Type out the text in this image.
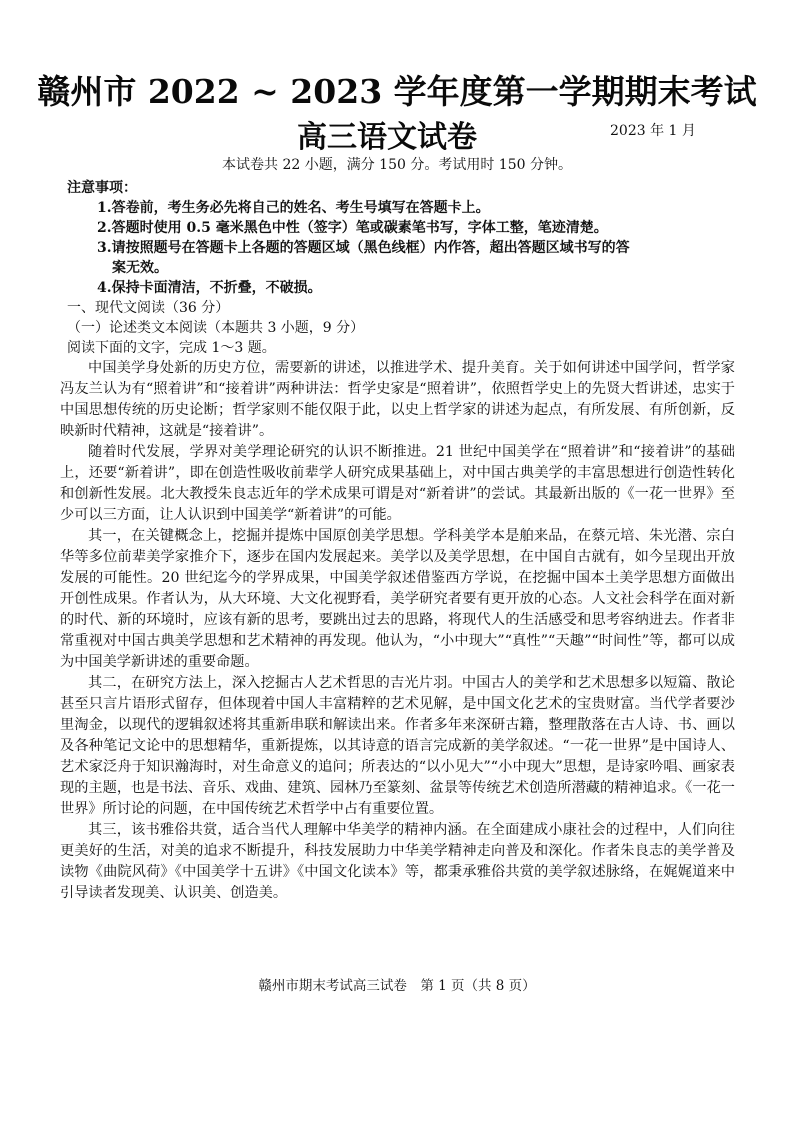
赣州市 2022 ~ 2023 学年度第一学期期末考试
高三语文试卷	2023 年 1 月
本试卷共 22 小题，满分 150 分。考试用时 150 分钟。
注意事项：
1.答卷前，考生务必先将自己的姓名、考生号填写在答题卡上。
2.答题时使用 0.5 毫米黑色中性（签字）笔或碳素笔书写，字体工整，笔迹清楚。
3.请按照题号在答题卡上各题的答题区域（黑色线框）内作答，超出答题区域书写的答
案无效。
4.保持卡面清洁，不折叠，不破损。
一、现代文阅读（36 分）
（一）论述类文本阅读（本题共 3 小题，9 分）
阅读下面的文字，完成 1～3 题。

中国美学身处新的历史方位，需要新的讲述，以推进学术、提升美育。关于如何讲述中国学问，哲学家冯友兰认为有“照着讲”和“接着讲”两种讲法：哲学史家是“照着讲”，依照哲学史上的先贤大哲讲述，忠实于中国思想传统的历史论断；哲学家则不能仅限于此，以史上哲学家的讲述为起点，有所发展、有所创新，反映新时代精神，这就是“接着讲”。

随着时代发展，学界对美学理论研究的认识不断推进。21 世纪中国美学在“照着讲”和“接着讲”的基础上，还要“新着讲”，即在创造性吸收前辈学人研究成果基础上，对中国古典美学的丰富思想进行创造性转化和创新性发展。北大教授朱良志近年的学术成果可谓是对“新着讲”的尝试。其最新出版的《一花一世界》至少可以三方面，让人认识到中国美学“新着讲”的可能。

其一，在关键概念上，挖掘并提炼中国原创美学思想。学科美学本是舶来品，在蔡元培、朱光潜、宗白华等多位前辈美学家推介下，逐步在国内发展起来。美学以及美学思想，在中国自古就有，如今呈现出开放发展的可能性。20 世纪迄今的学界成果，中国美学叙述借鉴西方学说，在挖掘中国本土美学思想方面做出开创性成果。作者认为，从大环境、大文化视野看，美学研究者要有更开放的心态。人文社会科学在面对新的时代、新的环境时，应该有新的思考，要跳出过去的思路，将现代人的生活感受和思考容纳进去。作者非常重视对中国古典美学思想和艺术精神的再发现。他认为，“小中现大”“真性”“天趣”“时间性”等，都可以成为中国美学新讲述的重要命题。

其二，在研究方法上，深入挖掘古人艺术哲思的吉光片羽。中国古人的美学和艺术思想多以短篇、散论甚至只言片语形式留存，但体现着中国人丰富精粹的艺术见解，是中国文化艺术的宝贵财富。当代学者要沙里淘金，以现代的逻辑叙述将其重新串联和解读出来。作者多年来深研古籍，整理散落在古人诗、书、画以及各种笔记文论中的思想精华，重新提炼，以其诗意的语言完成新的美学叙述。“一花一世界”是中国诗人、艺术家泛舟于知识瀚海时，对生命意义的追问；所表达的“以小见大”“小中现大”思想，是诗家吟唱、画家表现的主题，也是书法、音乐、戏曲、建筑、园林乃至篆刻、盆景等传统艺术创造所潜藏的精神追求。《一花一世界》所讨论的问题，在中国传统艺术哲学中占有重要位置。

其三，该书雅俗共赏，适合当代人理解中华美学的精神内涵。在全面建成小康社会的过程中，人们向往更美好的生活，对美的追求不断提升，科技发展助力中华美学精神走向普及和深化。作者朱良志的美学普及读物《曲院风荷》《中国美学十五讲》《中国文化读本》等，都秉承雅俗共赏的美学叙述脉络，在娓娓道来中引导读者发现美、认识美、创造美。

赣州市期末考试高三试卷　第 1 页（共 8 页）
